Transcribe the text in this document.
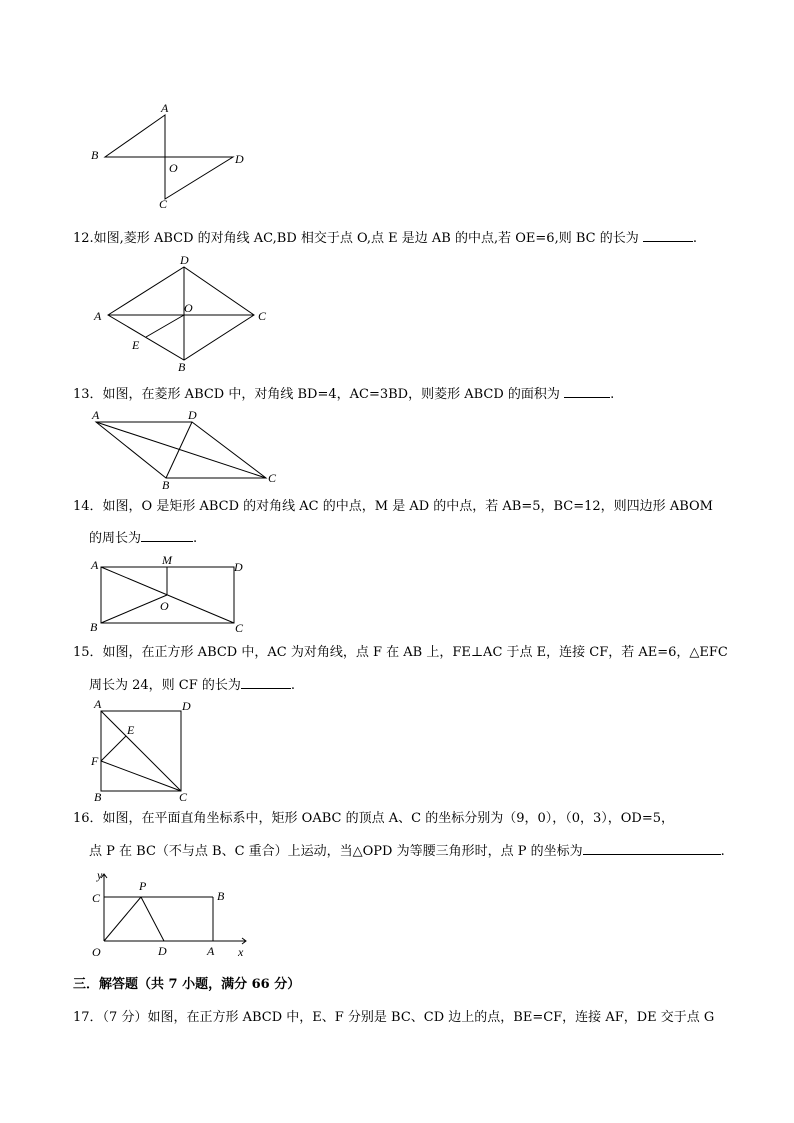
A
B
C
D
O
12.如图,菱形 ABCD 的对角线 AC,BD 相交于点 O,点 E 是边 AB 的中点,若 OE=6,则 BC 的长为	.
D
A	C
B
O
E
13．如图，在菱形 ABCD 中，对角线 BD=4，AC=3BD，则菱形 ABCD 的面积为	.
A	D
C
B
14．如图，O 是矩形 ABCD 的对角线 AC 的中点，M 是 AD 的中点，若 AB=5，BC=12，则四边形 ABOM
的周长为	.
A	M	D
B	C
O
15．如图，在正方形 ABCD 中，AC 为对角线，点 F 在 AB 上，FE⊥AC 于点 E，连接 CF，若 AE=6，△EFC
周长为 24，则 CF 的长为	.
A	D
E
F
B	C
16．如图，在平面直角坐标系中，矩形 OABC 的顶点 A、C 的坐标分别为（9，0），（0，3），OD=5，
点 P 在 BC（不与点 B、C 重合）上运动，当△OPD 为等腰三角形时，点 P 的坐标为	.
y
x
C
P
B
O	D	A
三．解答题（共 7 小题，满分 66 分）
17．（7 分）如图，在正方形 ABCD 中，E、F 分别是 BC、CD 边上的点，BE=CF，连接 AF，DE 交于点 G
